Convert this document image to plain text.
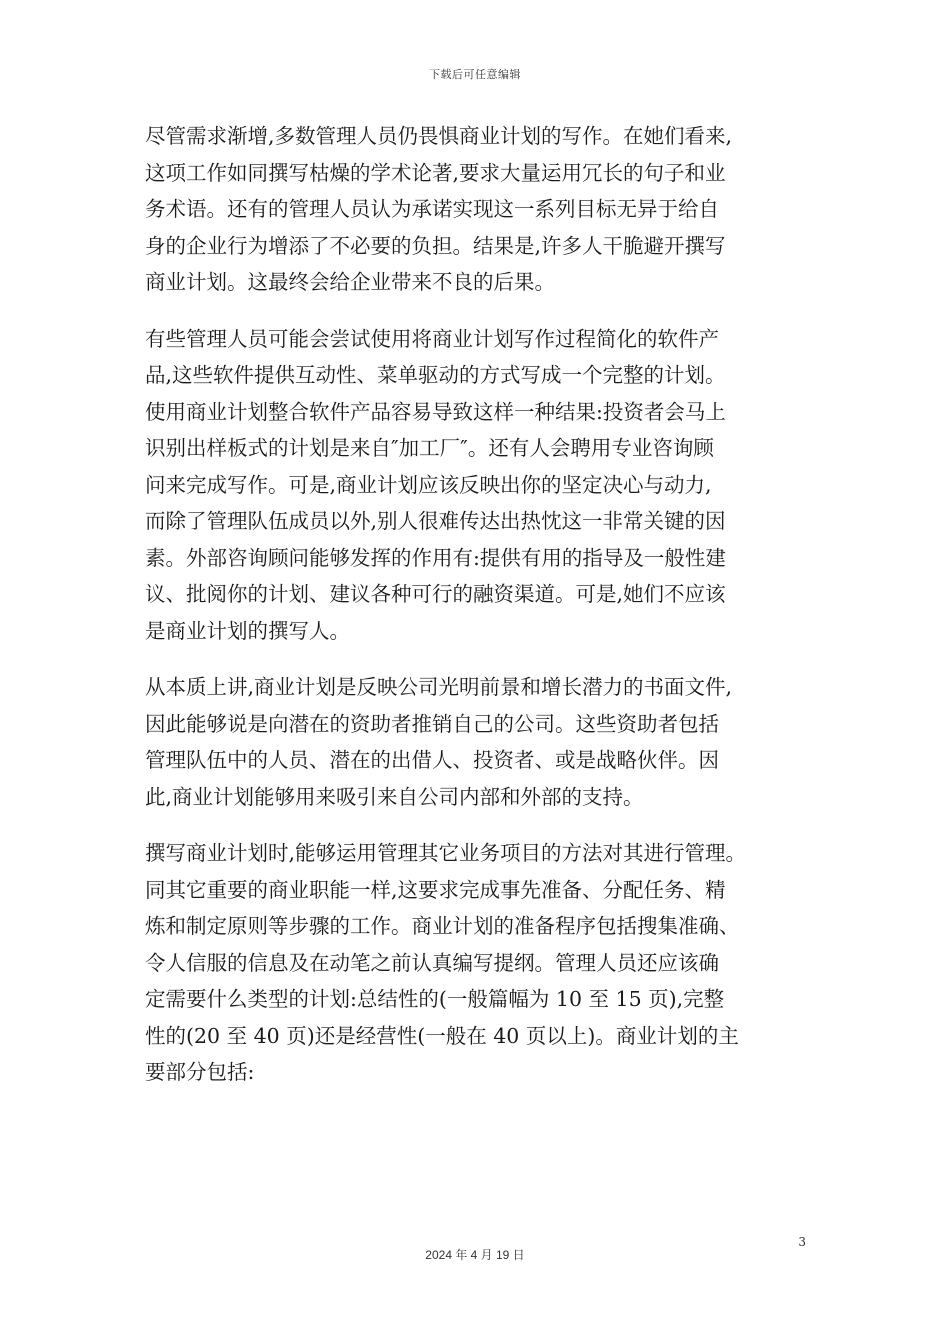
下载后可任意编辑
尽管需求渐增,多数管理人员仍畏惧商业计划的写作。在她们看来,
这项工作如同撰写枯燥的学术论著,要求大量运用冗长的句子和业
务术语。还有的管理人员认为承诺实现这一系列目标无异于给自
身的企业行为增添了不必要的负担。结果是,许多人干脆避开撰写
商业计划。这最终会给企业带来不良的后果。
有些管理人员可能会尝试使用将商业计划写作过程简化的软件产
品,这些软件提供互动性、菜单驱动的方式写成一个完整的计划。
使用商业计划整合软件产品容易导致这样一种结果:投资者会马上
识别出样板式的计划是来自″加工厂″。还有人会聘用专业咨询顾
问来完成写作。可是,商业计划应该反映出你的坚定决心与动力,
而除了管理队伍成员以外,别人很难传达出热忱这一非常关键的因
素。外部咨询顾问能够发挥的作用有:提供有用的指导及一般性建
议、批阅你的计划、建议各种可行的融资渠道。可是,她们不应该
是商业计划的撰写人。
从本质上讲,商业计划是反映公司光明前景和增长潜力的书面文件,
因此能够说是向潜在的资助者推销自己的公司。这些资助者包括
管理队伍中的人员、潜在的出借人、投资者、或是战略伙伴。因
此,商业计划能够用来吸引来自公司内部和外部的支持。
撰写商业计划时,能够运用管理其它业务项目的方法对其进行管理。
同其它重要的商业职能一样,这要求完成事先准备、分配任务、精
炼和制定原则等步骤的工作。商业计划的准备程序包括搜集准确、
令人信服的信息及在动笔之前认真编写提纲。管理人员还应该确
定需要什么类型的计划:总结性的(一般篇幅为 10 至 15 页),完整
性的(20 至 40 页)还是经营性(一般在 40 页以上)。商业计划的主
要部分包括:
3
2024 年 4 月 19 日
